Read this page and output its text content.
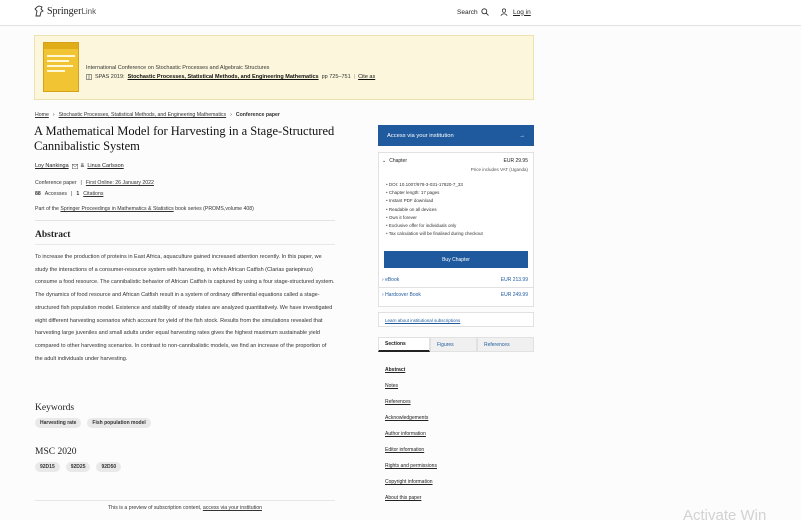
SpringerLink	Search	Log in
International Conference on Stochastic Processes and Algebraic Structures
SPAS 2019: Stochastic Processes, Statistical Methods, and Engineering Mathematics pp 725–751 | Cite as
Home › Stochastic Processes, Statistical Methods, and Engineering Mathematics › Conference paper
A Mathematical Model for Harvesting in a Stage-Structured Cannibalistic System
Loy Nankinga & Linus Carlsson
Conference paper | First Online: 26 January 2022
88 Accesses | 1 Citations
Part of the Springer Proceedings in Mathematics & Statistics book series (PROMS,volume 408)
Abstract

To increase the production of proteins in East Africa, aquaculture gained increased attention recently. In this paper, we study the interactions of a consumer-resource system with harvesting, in which African Catfish (Clarias gariepinus) consume a food resource. The cannibalistic behavior of African Catfish is captured by using a four stage-structured system. The dynamics of food resource and African Catfish result in a system of ordinary differential equations called a stage-structured fish population model. Existence and stability of steady states are analyzed quantitatively. We have investigated eight different harvesting scenarios which account for yield of the fish stock. Results from the simulations revealed that harvesting large juveniles and small adults under equal harvesting rates gives the highest maximum sustainable yield compared to other harvesting scenarios. In contrast to non-cannibalistic models, we find an increase of the proportion of the adult individuals under harvesting.

Keywords
Harvesting rate	Fish population model
MSC 2020
92D15	92D25	92D50
This is a preview of subscription content, access via your institution
Access via your institution	→
⌄ Chapter	EUR 29.95
Price includes VAT (Uganda)
• DOI: 10.1007/978-3-031-17820-7_33
• Chapter length: 17 pages
• Instant PDF download
• Readable on all devices
• Own it forever
• Exclusive offer for individuals only
• Tax calculation will be finalised during checkout
Buy Chapter
› eBook	EUR 213.99
› Hardcover Book	EUR 249.99
Learn about institutional subscriptions
Sections	Figures	References
Abstract
Notes
References
Acknowledgements
Author information
Editor information
Rights and permissions
Copyright information
About this paper
Activate Win
